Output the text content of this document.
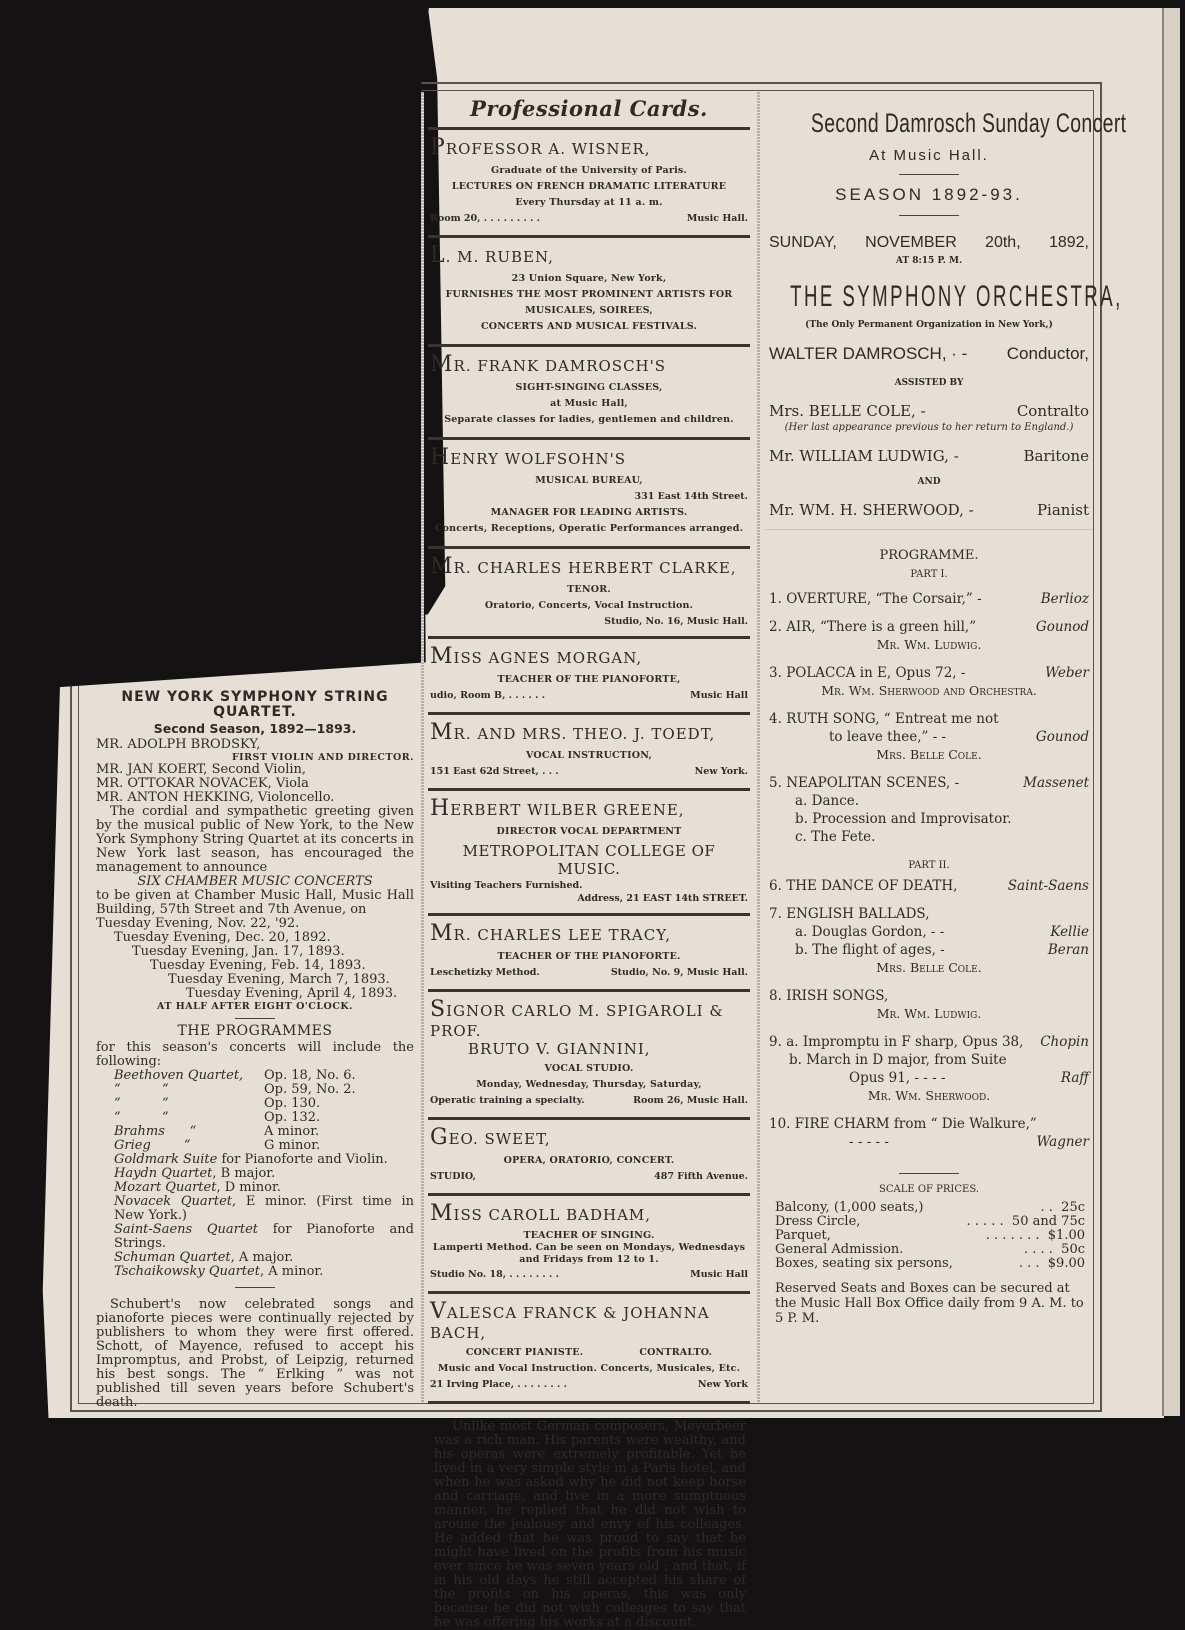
Professional Cards.
PROFESSOR A. WISNER,
Graduate of the University of Paris.
LECTURES ON FRENCH DRAMATIC LITERATURE
Every Thursday at 11 a. m.
Room 20, . . . . . . . . .	Music Hall.
L. M. RUBEN,
23 Union Square, New York,
FURNISHES THE MOST PROMINENT ARTISTS FOR
MUSICALES, SOIREES,
CONCERTS AND MUSICAL FESTIVALS.
MR. FRANK DAMROSCH'S
SIGHT-SINGING CLASSES,
at Music Hall,
Separate classes for ladies, gentlemen and children.
HENRY WOLFSOHN'S
MUSICAL BUREAU,
331 East 14th Street.
MANAGER FOR LEADING ARTISTS.
Concerts, Receptions, Operatic Performances arranged.
MR. CHARLES HERBERT CLARKE,
TENOR.
Oratorio, Concerts, Vocal Instruction.
Studio, No. 16, Music Hall.
MISS AGNES MORGAN,
TEACHER OF THE PIANOFORTE,
udio, Room B, . . . . . .	Music Hall
MR. AND MRS. THEO. J. TOEDT,
VOCAL INSTRUCTION,
151 East 62d Street, . . .	New York.
HERBERT WILBER GREENE,
DIRECTOR VOCAL DEPARTMENT
METROPOLITAN COLLEGE OF MUSIC.
Visiting Teachers Furnished.
Address, 21 EAST 14th STREET.
MR. CHARLES LEE TRACY,
TEACHER OF THE PIANOFORTE.
Leschetizky Method.	Studio, No. 9, Music Hall.
SIGNOR CARLO M. SPIGAROLI & PROF.
BRUTO V. GIANNINI,
VOCAL STUDIO.
Monday, Wednesday, Thursday, Saturday,
Operatic training a specialty.	Room 26, Music Hall.
GEO. SWEET,
OPERA, ORATORIO, CONCERT.
STUDIO,	487 Fifth Avenue.
MISS CAROLL BADHAM,
TEACHER OF SINGING.
Lamperti Method. Can be seen on Mondays, Wednesdays
and Fridays from 12 to 1.
Studio No. 18, . . . . . . . .	Music Hall
VALESCA FRANCK & JOHANNA BACH,
CONCERT PIANISTE.                CONTRALTO.
Music and Vocal Instruction. Concerts, Musicales, Etc.
21 Irving Place, . . . . . . . .	New York

Unlike most German composers, Meyerbeer was a rich man. His parents were wealthy, and his operas were extremely profitable. Yet he lived in a very simple style in a Paris hotel, and when he was asked why he did not keep horse and carriage, and live in a more sumptuous manner, he replied that he did not wish to arouse the jealousy and envy of his colleages. He added that he was proud to say that he might have lived on the profits from his music ever since he was seven years old ; and that, if in his old days he still accepted his share of the profits on his operas, this was only because he did not wish colleages to say that he was offering his works at a discount.

Second Damrosch Sunday Concert
At Music Hall.
SEASON 1892-93.
SUNDAY, NOVEMBER 20th, 1892,
AT 8:15 P. M.
THE SYMPHONY ORCHESTRA,
(The Only Permanent Organization in New York,)
WALTER DAMROSCH, · - Conductor,
ASSISTED BY
Mrs. BELLE COLE, -	Contralto
(Her last appearance previous to her return to England.)
Mr. WILLIAM LUDWIG, -	Baritone
AND
Mr. WM. H. SHERWOOD, -	Pianist
PROGRAMME.
PART I.
1. OVERTURE, “The Corsair,” -	Berlioz
2. AIR, “There is a green hill,”	Gounod
Mr. Wm. Ludwig.
3. POLACCA in E, Opus 72, -	Weber
Mr. Wm. Sherwood and Orchestra.
4. RUTH SONG, “ Entreat me not
to leave thee,” - -	Gounod
Mrs. Belle Cole.
5. NEAPOLITAN SCENES, -	Massenet
a. Dance.
b. Procession and Improvisator.
c. The Fete.
PART II.
6. THE DANCE OF DEATH,	Saint-Saens
7. ENGLISH BALLADS,
a. Douglas Gordon, - -	Kellie
b. The flight of ages, -	Beran
Mrs. Belle Cole.
8. IRISH SONGS,
Mr. Wm. Ludwig.
9. a. Impromptu in F sharp, Opus 38, Chopin
b. March in D major, from Suite
Opus 91, - - - -	Raff
Mr. Wm. Sherwood.
10. FIRE CHARM from “ Die Walkure,”
- - - - -	Wagner
SCALE OF PRICES.
Balcony, (1,000 seats,)	. . 25c
Dress Circle,	. . . . . 50 and 75c
Parquet,	. . . . . . . $1.00
General Admission.	. . . . 50c
Boxes, seating six persons,	. . . $9.00
Reserved Seats and Boxes can be secured at the Music Hall Box Office daily from 9 A. M. to 5 P. M.
NEW YORK SYMPHONY STRING
QUARTET.
Second Season, 1892—1893.
MR. ADOLPH BRODSKY,
FIRST VIOLIN AND DIRECTOR.
MR. JAN KOERT, Second Violin,
MR. OTTOKAR NOVACEK, Viola
MR. ANTON HEKKING, Violoncello.

The cordial and sympathetic greeting given by the musical public of New York, to the New York Symphony String Quartet at its concerts in New York last season, has encouraged the management to announce

SIX CHAMBER MUSIC CONCERTS
to be given at Chamber Music Hall, Music Hall Building, 57th Street and 7th Avenue, on
Tuesday Evening, Nov. 22, '92.
Tuesday Evening, Dec. 20, 1892.
Tuesday Evening, Jan. 17, 1893.
Tuesday Evening, Feb. 14, 1893.
Tuesday Evening, March 7, 1893.
Tuesday Evening, April 4, 1893.
AT HALF AFTER EIGHT O'CLOCK.
THE PROGRAMMES
for this season's concerts will include the following:
Beethoven Quartet,	Op. 18, No. 6.
“          “	Op. 59, No. 2.
“          “	Op. 130.
“          “	Op. 132.
Brahms      “	A minor.
Grieg        “	G minor.
Goldmark Suite for Pianoforte and Violin.
Haydn Quartet, B major.
Mozart Quartet, D minor.
Novacek Quartet, E minor. (First time in New York.)
Saint-Saens Quartet for Pianoforte and Strings.
Schuman Quartet, A major.
Tschaikowsky Quartet, A minor.

Schubert's now celebrated songs and pianoforte pieces were continually rejected by publishers to whom they were first offered. Schott, of Mayence, refused to accept his Impromptus, and Probst, of Leipzig, returned his best songs. The “ Erlking ” was not published till seven years before Schubert's death.
